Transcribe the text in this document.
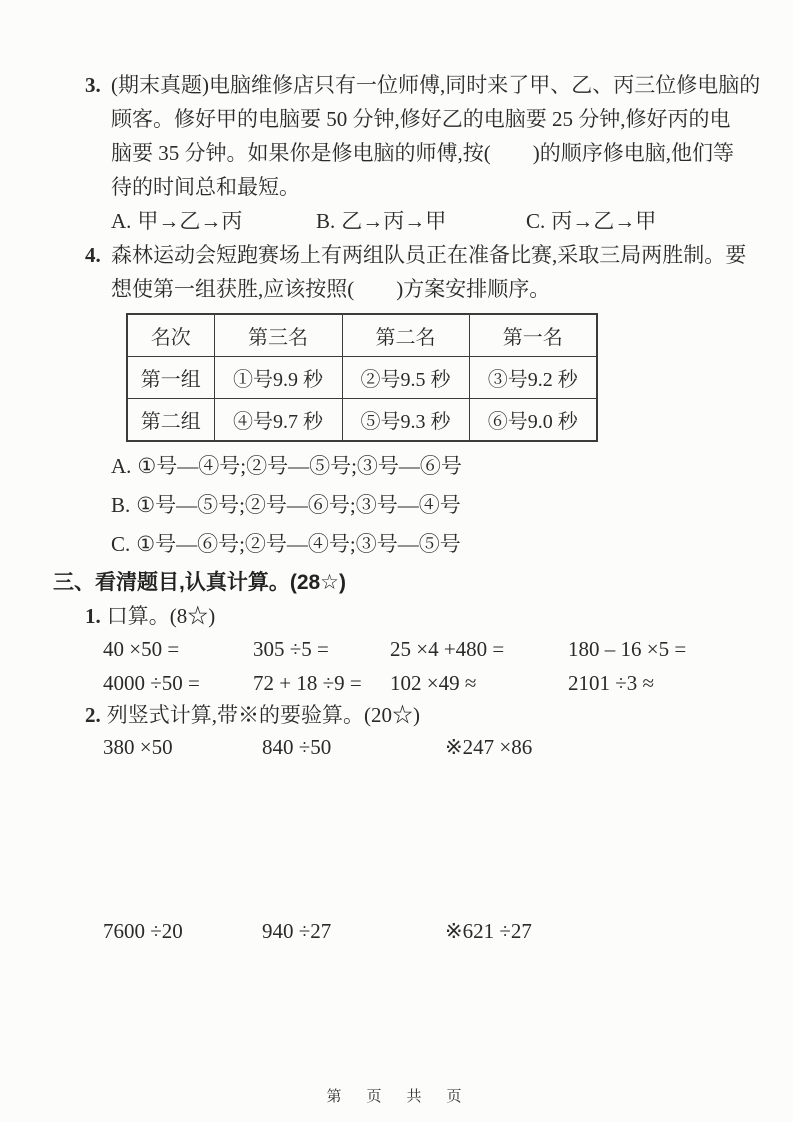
3. (期末真题)电脑维修店只有一位师傅,同时来了甲、乙、丙三位修电脑的
顾客。修好甲的电脑要 50 分钟,修好乙的电脑要 25 分钟,修好丙的电
脑要 35 分钟。如果你是修电脑的师傅,按(　　)的顺序修电脑,他们等
待的时间总和最短。
A. 甲→乙→丙	B. 乙→丙→甲	C. 丙→乙→甲
4. 森林运动会短跑赛场上有两组队员正在准备比赛,采取三局两胜制。要
想使第一组获胜,应该按照(　　)方案安排顺序。
名次	第三名	第二名	第一名
第一组	①号9.9 秒	②号9.5 秒	③号9.2 秒
第二组	④号9.7 秒	⑤号9.3 秒	⑥号9.0 秒
A. ①号—④号;②号—⑤号;③号—⑥号
B. ①号—⑤号;②号—⑥号;③号—④号
C. ①号—⑥号;②号—④号;③号—⑤号
三、看清题目,认真计算。(28☆)
1. 口算。(8☆)
40 ×50 =	305 ÷5 =	25 ×4 +480 =	180 – 16 ×5 =
4000 ÷50 =	72 + 18 ÷9 =	102 ×49 ≈	2101 ÷3 ≈
2. 列竖式计算,带※的要验算。(20☆)
380 ×50	840 ÷50	※247 ×86
7600 ÷20	940 ÷27	※621 ÷27
第　页　共　页
